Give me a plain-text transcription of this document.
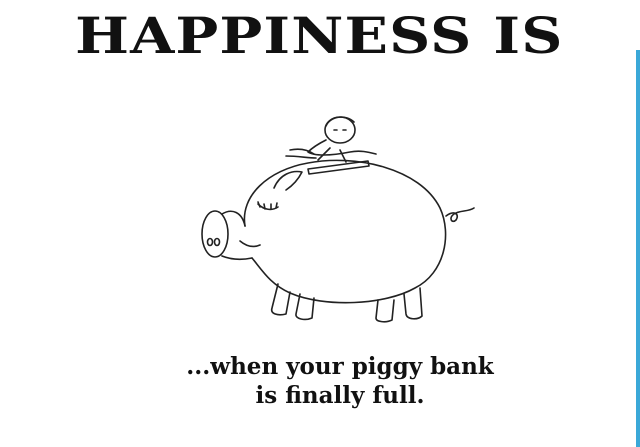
HAPPINESS IS
...when your piggy bank
is finally full.
